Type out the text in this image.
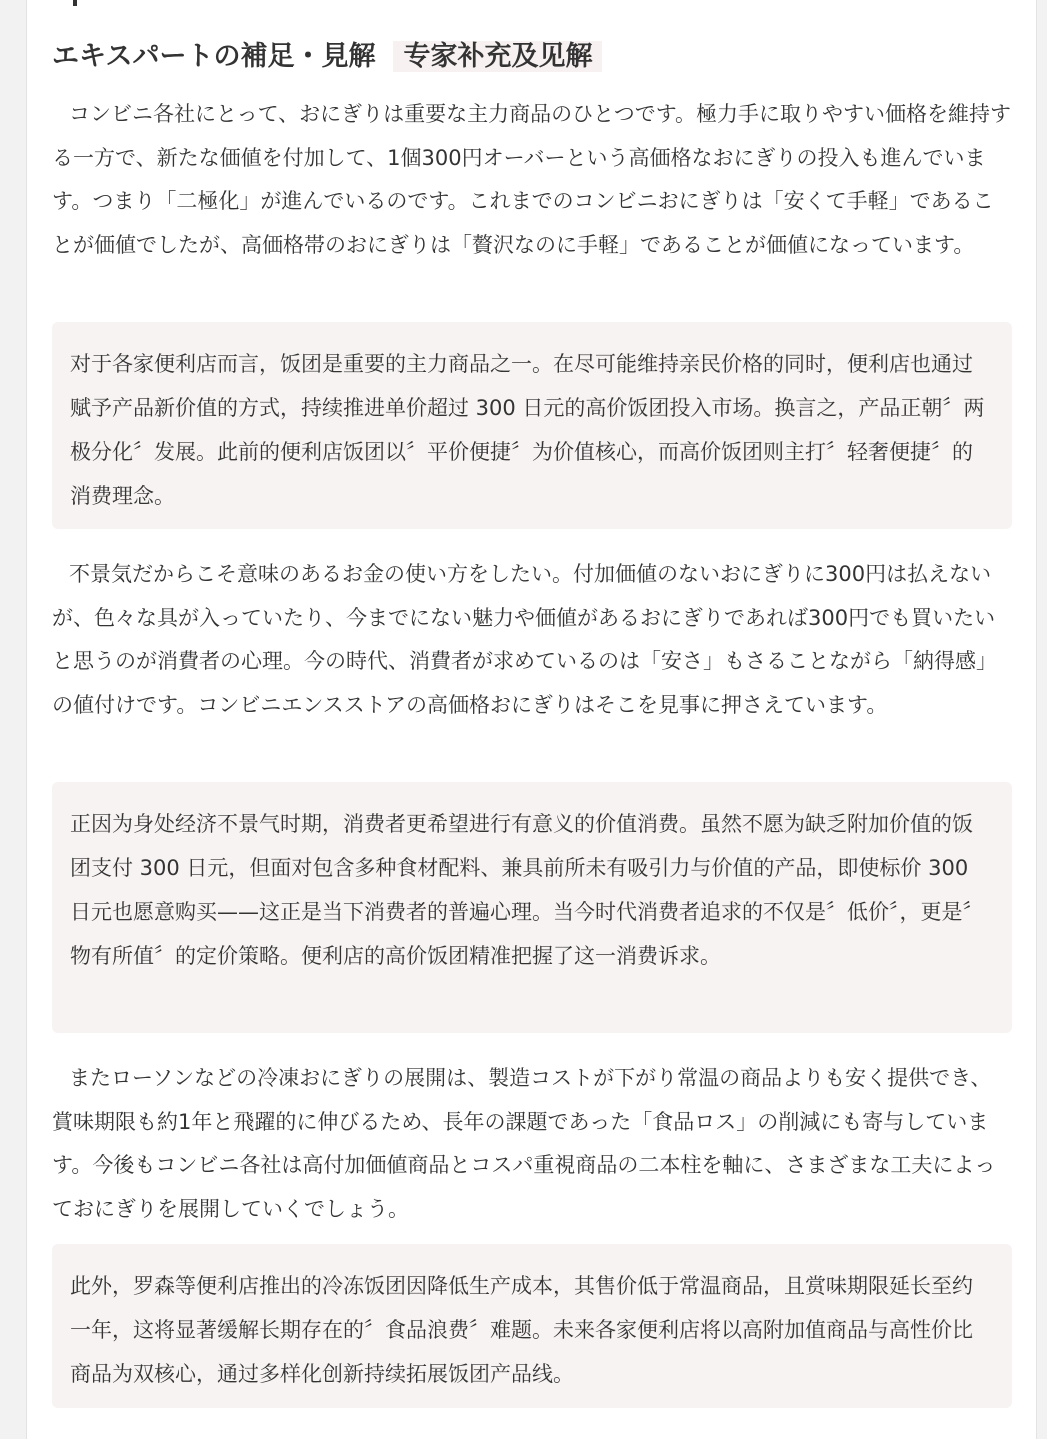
エキスパートの補足・見解 专家补充及见解

コンビニ各社にとって、おにぎりは重要な主力商品のひとつです。極力手に取りやすい価格を維持する一方で、新たな価値を付加して、1個300円オーバーという高価格なおにぎりの投入も進んでいます。つまり「二極化」が進んでいるのです。これまでのコンビニおにぎりは「安くて手軽」であることが価値でしたが、高価格帯のおにぎりは「贅沢なのに手軽」であることが価値になっています。

对于各家便利店而言，饭团是重要的主力商品之一。在尽可能维持亲民价格的同时，便利店也通过赋予产品新价值的方式，持续推进单价超过 300 日元的高价饭团投入市场。换言之，产品正朝〞两极分化〞发展。此前的便利店饭团以〞平价便捷〞为价值核心，而高价饭团则主打〞轻奢便捷〞的消费理念。

不景気だからこそ意味のあるお金の使い方をしたい。付加価値のないおにぎりに300円は払えないが、色々な具が入っていたり、今までにない魅力や価値があるおにぎりであれば300円でも買いたいと思うのが消費者の心理。今の時代、消費者が求めているのは「安さ」もさることながら「納得感」の値付けです。コンビニエンスストアの高価格おにぎりはそこを見事に押さえています。

正因为身处经济不景气时期，消费者更希望进行有意义的价值消费。虽然不愿为缺乏附加价值的饭团支付 300 日元，但面对包含多种食材配料、兼具前所未有吸引力与价值的产品，即使标价 300 日元也愿意购买——这正是当下消费者的普遍心理。当今时代消费者追求的不仅是〞低价〞，更是〞物有所值〞的定价策略。便利店的高价饭团精准把握了这一消费诉求。

またローソンなどの冷凍おにぎりの展開は、製造コストが下がり常温の商品よりも安く提供でき、賞味期限も約1年と飛躍的に伸びるため、長年の課題であった「食品ロス」の削減にも寄与しています。今後もコンビニ各社は高付加価値商品とコスパ重視商品の二本柱を軸に、さまざまな工夫によっておにぎりを展開していくでしょう。

此外，罗森等便利店推出的冷冻饭团因降低生产成本，其售价低于常温商品，且赏味期限延长至约一年，这将显著缓解长期存在的〞食品浪费〞难题。未来各家便利店将以高附加值商品与高性价比商品为双核心，通过多样化创新持续拓展饭团产品线。
